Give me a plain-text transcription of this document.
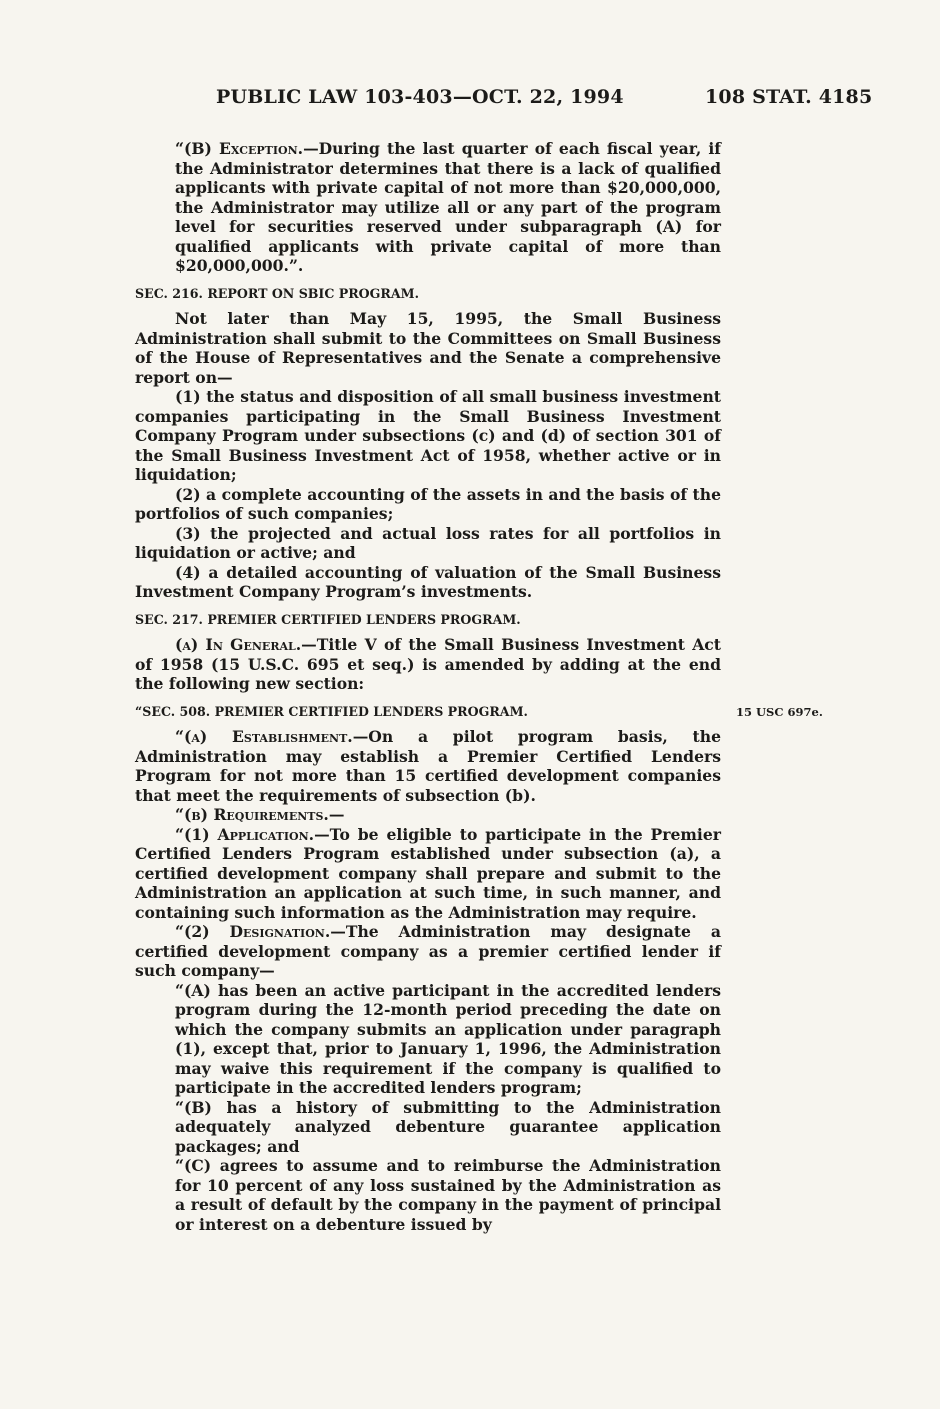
PUBLIC LAW 103-403—OCT. 22, 1994	108 STAT. 4185

“(B) Exception.—During the last quarter of each fiscal year, if the Administrator determines that there is a lack of qualified applicants with private capital of not more than $20,000,000, the Administrator may utilize all or any part of the program level for securities reserved under subparagraph (A) for qualified applicants with private capital of more than $20,000,000.”.

SEC. 216. REPORT ON SBIC PROGRAM.

Not later than May 15, 1995, the Small Business Administration shall submit to the Committees on Small Business of the House of Representatives and the Senate a comprehensive report on—

(1) the status and disposition of all small business investment companies participating in the Small Business Investment Company Program under subsections (c) and (d) of section 301 of the Small Business Investment Act of 1958, whether active or in liquidation;

(2) a complete accounting of the assets in and the basis of the portfolios of such companies;

(3) the projected and actual loss rates for all portfolios in liquidation or active; and

(4) a detailed accounting of valuation of the Small Business Investment Company Program’s investments.

SEC. 217. PREMIER CERTIFIED LENDERS PROGRAM.

(a) In General.—Title V of the Small Business Investment Act of 1958 (15 U.S.C. 695 et seq.) is amended by adding at the end the following new section:

“SEC. 508. PREMIER CERTIFIED LENDERS PROGRAM.

“(a) Establishment.—On a pilot program basis, the Administration may establish a Premier Certified Lenders Program for not more than 15 certified development companies that meet the requirements of subsection (b).

“(b) Requirements.—

“(1) Application.—To be eligible to participate in the Premier Certified Lenders Program established under subsection (a), a certified development company shall prepare and submit to the Administration an application at such time, in such manner, and containing such information as the Administration may require.

“(2) Designation.—The Administration may designate a certified development company as a premier certified lender if such company—

“(A) has been an active participant in the accredited lenders program during the 12-month period preceding the date on which the company submits an application under paragraph (1), except that, prior to January 1, 1996, the Administration may waive this requirement if the company is qualified to participate in the accredited lenders program;

“(B) has a history of submitting to the Administration adequately analyzed debenture guarantee application packages; and

“(C) agrees to assume and to reimburse the Administration for 10 percent of any loss sustained by the Administration as a result of default by the company in the payment of principal or interest on a debenture issued by

15 USC 697e.
